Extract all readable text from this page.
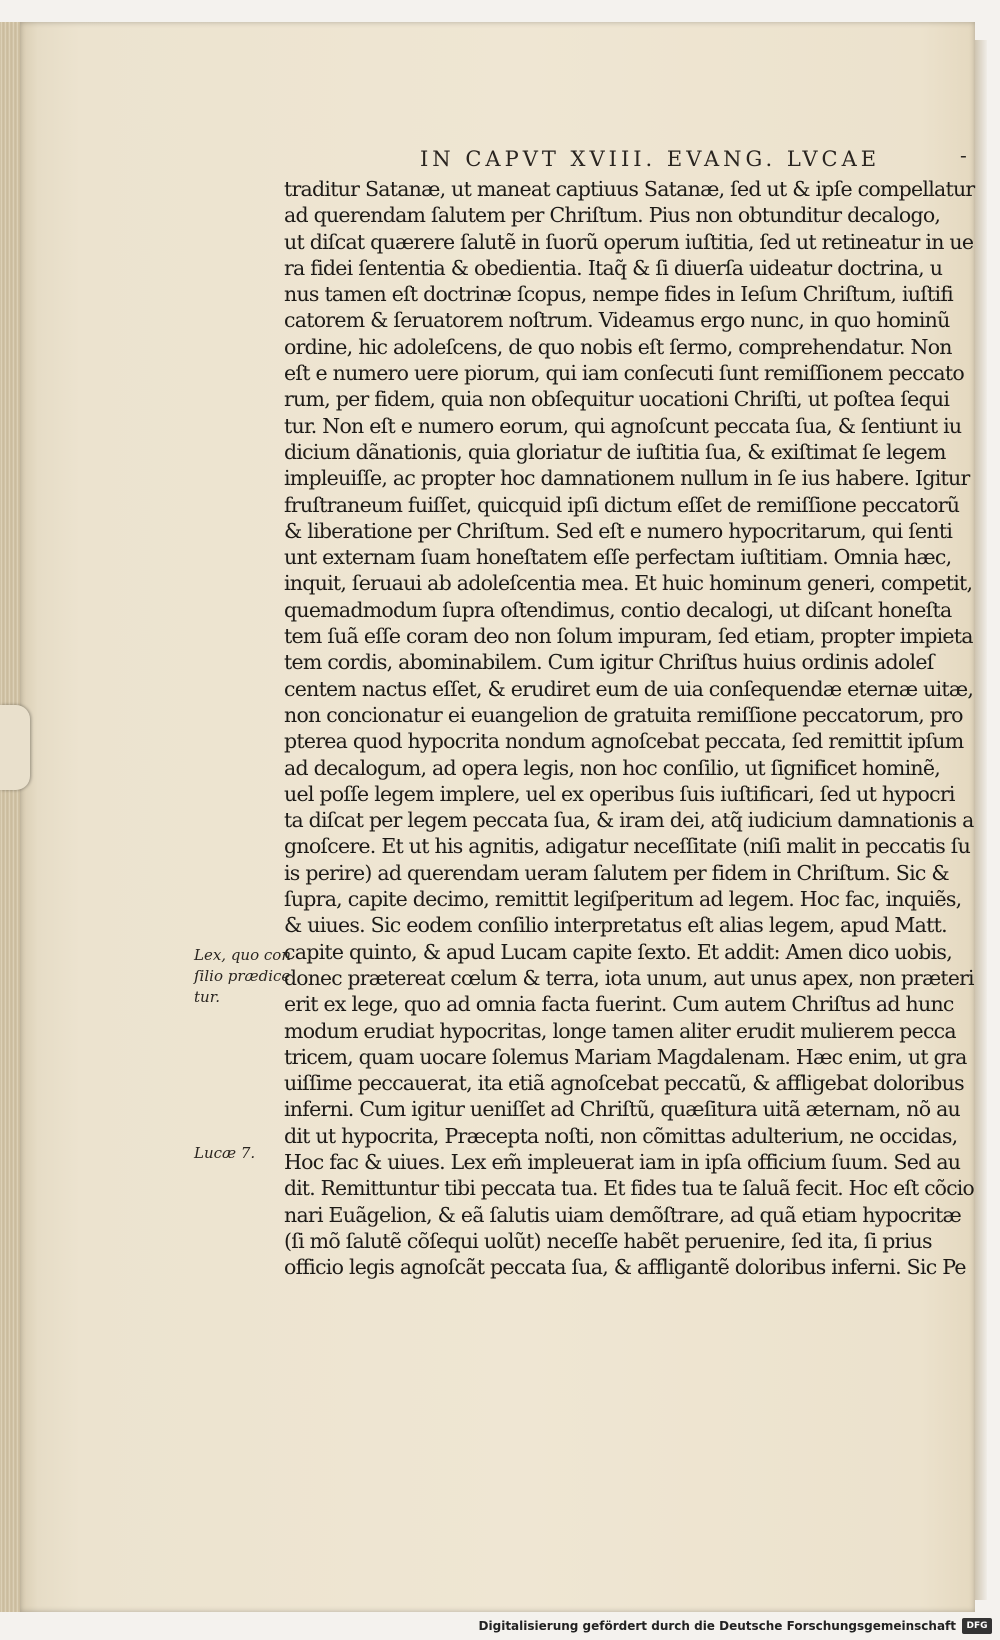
IN CAPVT XVIII. EVANG. LVCAE	-
traditur Satanæ, ut maneat captiuus Satanæ, ſed ut & ipſe compellatur
ad querendam ſalutem per Chriſtum. Pius non obtunditur decalogo,
ut diſcat quærere ſalutẽ in ſuorũ operum iuſtitia, ſed ut retineatur in ue
ra fidei ſententia & obedientia. Itaq̃ & ſi diuerſa uideatur doctrina, u
nus tamen eſt doctrinæ ſcopus, nempe fides in Ieſum Chriſtum, iuſtifi
catorem & ſeruatorem noſtrum. Videamus ergo nunc, in quo hominũ
ordine, hic adoleſcens, de quo nobis eſt ſermo, comprehendatur. Non
eſt e numero uere piorum, qui iam conſecuti ſunt remiſſionem peccato
rum, per fidem, quia non obſequitur uocationi Chriſti, ut poſtea ſequi
tur. Non eſt e numero eorum, qui agnoſcunt peccata ſua, & ſentiunt iu
dicium dãnationis, quia gloriatur de iuſtitia ſua, & exiſtimat ſe legem
impleuiſſe, ac propter hoc damnationem nullum in ſe ius habere. Igitur
fruſtraneum fuiſſet, quicquid ipſi dictum eſſet de remiſſione peccatorũ
& liberatione per Chriſtum. Sed eſt e numero hypocritarum, qui ſenti
unt externam ſuam honeſtatem eſſe perfectam iuſtitiam. Omnia hæc,
inquit, ſeruaui ab adoleſcentia mea. Et huic hominum generi, competit,
quemadmodum ſupra oſtendimus, contio decalogi, ut diſcant honeſta
tem ſuã eſſe coram deo non ſolum impuram, ſed etiam, propter impieta
tem cordis, abominabilem. Cum igitur Chriſtus huius ordinis adoleſ
centem nactus eſſet, & erudiret eum de uia conſequendæ eternæ uitæ,
non concionatur ei euangelion de gratuita remiſſione peccatorum, pro
pterea quod hypocrita nondum agnoſcebat peccata, ſed remittit ipſum
ad decalogum, ad opera legis, non hoc conſilio, ut ſignificet hominẽ,
uel poſſe legem implere, uel ex operibus ſuis iuſtificari, ſed ut hypocri
ta diſcat per legem peccata ſua, & iram dei, atq̃ iudicium damnationis a
gnoſcere. Et ut his agnitis, adigatur neceſſitate (niſi malit in peccatis ſu
is perire) ad querendam ueram ſalutem per fidem in Chriſtum. Sic &
ſupra, capite decimo, remittit legiſperitum ad legem. Hoc fac, inquiẽs,
& uiues. Sic eodem conſilio interpretatus eſt alias legem, apud Matt.
capite quinto, & apud Lucam capite ſexto. Et addit: Amen dico uobis,
donec prætereat cœlum & terra, iota unum, aut unus apex, non præteri
erit ex lege, quo ad omnia facta fuerint. Cum autem Chriſtus ad hunc
modum erudiat hypocritas, longe tamen aliter erudit mulierem pecca
tricem, quam uocare ſolemus Mariam Magdalenam. Hæc enim, ut gra
uiſſime peccauerat, ita etiã agnoſcebat peccatũ, & affligebat doloribus
inferni. Cum igitur ueniſſet ad Chriſtũ, quæſitura uitã æternam, nõ au
dit ut hypocrita, Præcepta noſti, non cõmittas adulterium, ne occidas,
Hoc fac & uiues. Lex em̃ impleuerat iam in ipſa officium ſuum. Sed au
dit. Remittuntur tibi peccata tua. Et fides tua te ſaluã fecit. Hoc eſt cõcio
nari Euãgelion, & eã ſalutis uiam demõſtrare, ad quã etiam hypocritæ
(ſi mõ ſalutẽ cõſequi uolũt) neceſſe habẽt peruenire, ſed ita, ſi prius
officio legis agnoſcãt peccata ſua, & affligantẽ doloribus inferni. Sic Pe
Lex, quo con
ſilio prædice
tur.
Lucæ 7.
Digitalisierung gefördert durch die Deutsche Forschungsgemeinschaft	DFG
